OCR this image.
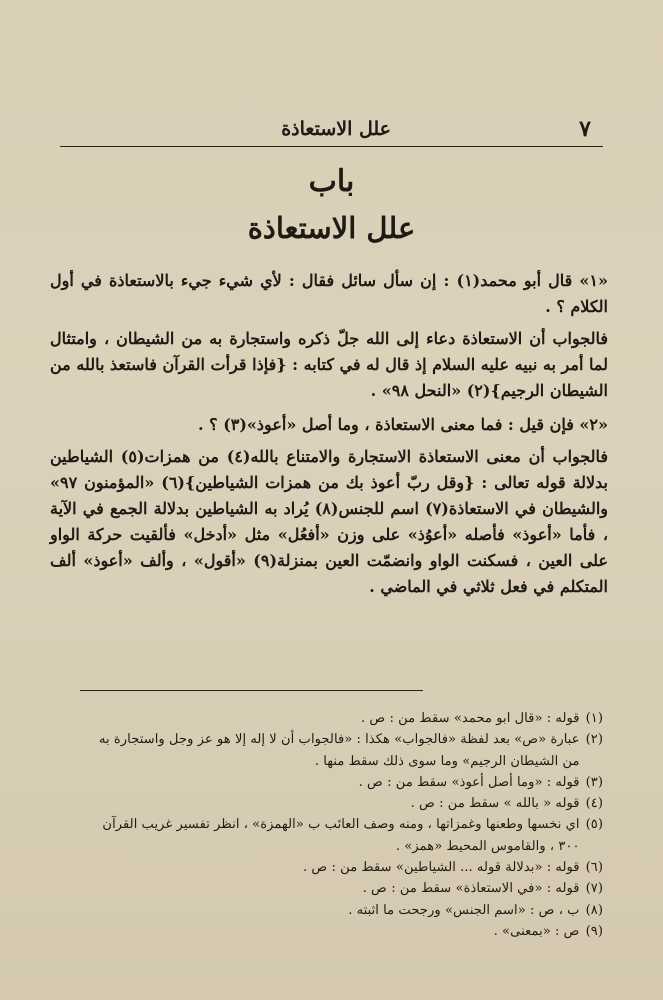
٧
علل الاستعاذة
باب
علل الاستعاذة

«١» قال أبو محمد(١) : إن سأل سائل فقال : لأي شيء جيء بالاستعاذة في أول الكلام ؟ .

فالجواب أن الاستعاذة دعاء إلى الله جلّ ذكره واستجارة به من الشيطان ، وامتثال لما أمر به نبيه عليه السلام إذ قال له في كتابه : {فإذا قرأت القرآن فاستعذ بالله من الشيطان الرجيم}(٢) «النحل ٩٨» .

«٢» فإن قيل : فما معنى الاستعاذة ، وما أصل «أعوذ»(٣) ؟ .

فالجواب أن معنى الاستعاذة الاستجارة والامتناع بالله(٤) من همزات(٥) الشياطين بدلالة قوله تعالى : {وقل ربّ أعوذ بك من همزات الشياطين}(٦) «المؤمنون ٩٧» والشيطان في الاستعاذة(٧) اسم للجنس(٨) يُراد به الشياطين بدلالة الجمع في الآية ، فأما «أعوذ» فأصله «أعوُذ» على وزن «أفعُل» مثل «أدخل» فألقيت حركة الواو على العين ، فسكنت الواو وانضمّت العين بمنزلة(٩) «أقول» ، وألف «أعوذ» ألف المتكلم في فعل ثلاثي في الماضي .

(١)
قوله : «قال ابو محمد» سقط من : ص .
(٢)
عبارة «ص» بعد لفظة «فالجواب» هكذا : «فالجواب أن لا إله إلا هو عز وجل واستجارة به من الشيطان الرجيم» وما سوى ذلك سقط منها .
(٣)
قوله : «وما أصل أعوذ» سقط من : ص .
(٤)
قوله « بالله » سقط من : ص .
(٥)
اي نخسها وطعنها وغمزاتها ، ومنه وصف العائب ب «الهمزة» ، انظر تفسير غريب القرآن ٣٠٠ ، والقاموس المحيط «همز» .
(٦)
قوله : «بدلالة قوله ... الشياطين» سقط من : ص .
(٧)
قوله : «في الاستعاذة» سقط من : ص .
(٨)
ب ، ص : «اسم الجنس» ورجحت ما اثبته .
(٩)
ص : «بمعنى» .
